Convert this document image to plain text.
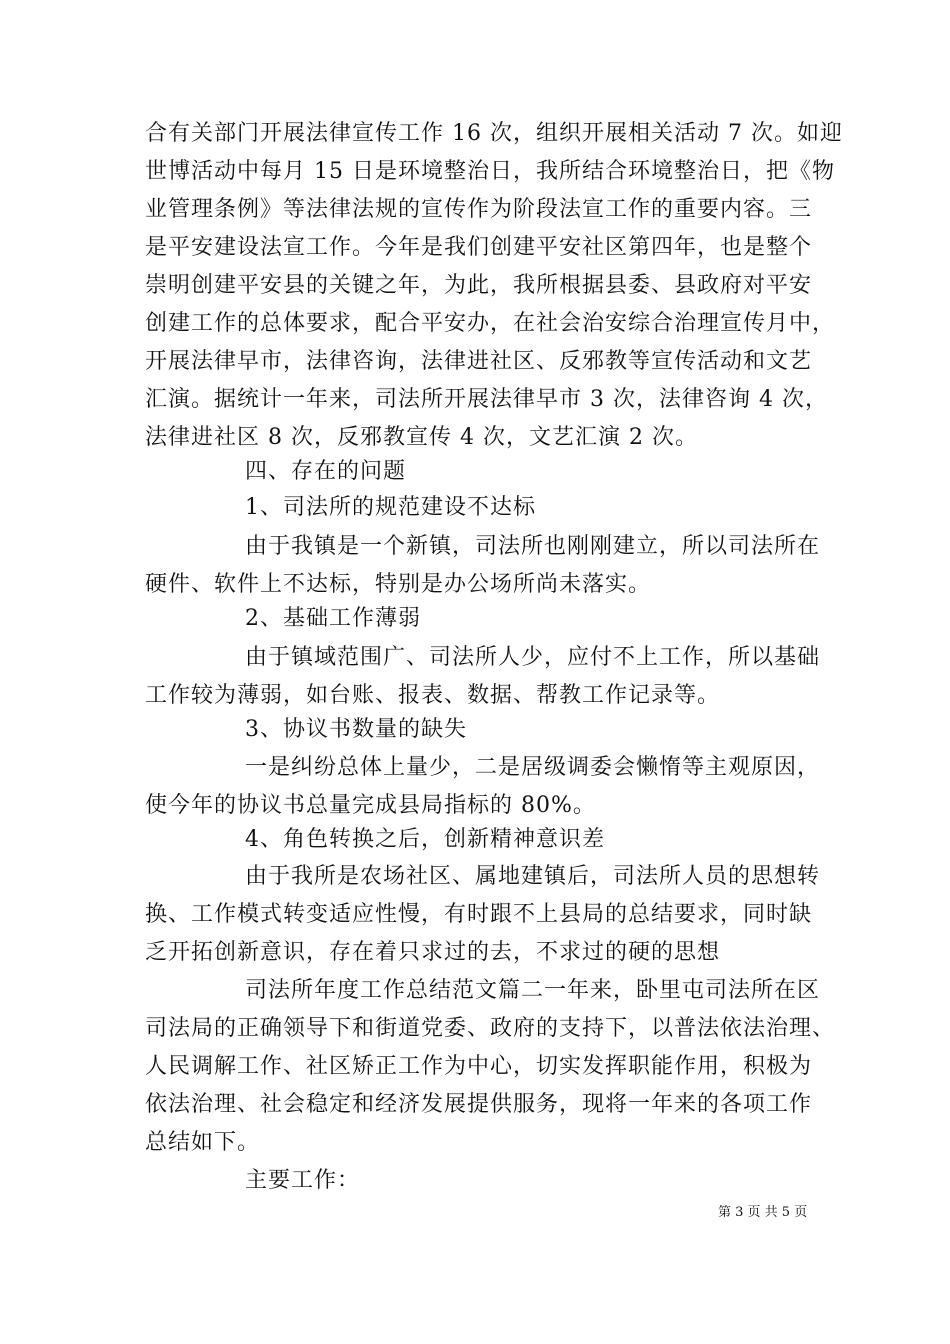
合有关部门开展法律宣传工作 16 次，组织开展相关活动 7 次。如迎
世博活动中每月 15 日是环境整治日，我所结合环境整治日，把《物
业管理条例》等法律法规的宣传作为阶段法宣工作的重要内容。三
是平安建设法宣工作。今年是我们创建平安社区第四年，也是整个
崇明创建平安县的关键之年，为此，我所根据县委、县政府对平安
创建工作的总体要求，配合平安办，在社会治安综合治理宣传月中，
开展法律早市，法律咨询，法律进社区、反邪教等宣传活动和文艺
汇演。据统计一年来，司法所开展法律早市 3 次，法律咨询 4 次，
法律进社区 8 次，反邪教宣传 4 次，文艺汇演 2 次。
四、存在的问题
1、司法所的规范建设不达标
由于我镇是一个新镇，司法所也刚刚建立，所以司法所在
硬件、软件上不达标，特别是办公场所尚未落实。
2、基础工作薄弱
由于镇域范围广、司法所人少，应付不上工作，所以基础
工作较为薄弱，如台账、报表、数据、帮教工作记录等。
3、协议书数量的缺失
一是纠纷总体上量少，二是居级调委会懒惰等主观原因，
使今年的协议书总量完成县局指标的 80%。
4、角色转换之后，创新精神意识差
由于我所是农场社区、属地建镇后，司法所人员的思想转
换、工作模式转变适应性慢，有时跟不上县局的总结要求，同时缺
乏开拓创新意识，存在着只求过的去，不求过的硬的思想
司法所年度工作总结范文篇二一年来，卧里屯司法所在区
司法局的正确领导下和街道党委、政府的支持下，以普法依法治理、
人民调解工作、社区矫正工作为中心，切实发挥职能作用，积极为
依法治理、社会稳定和经济发展提供服务，现将一年来的各项工作
总结如下。
主要工作：
第 3 页 共 5 页
